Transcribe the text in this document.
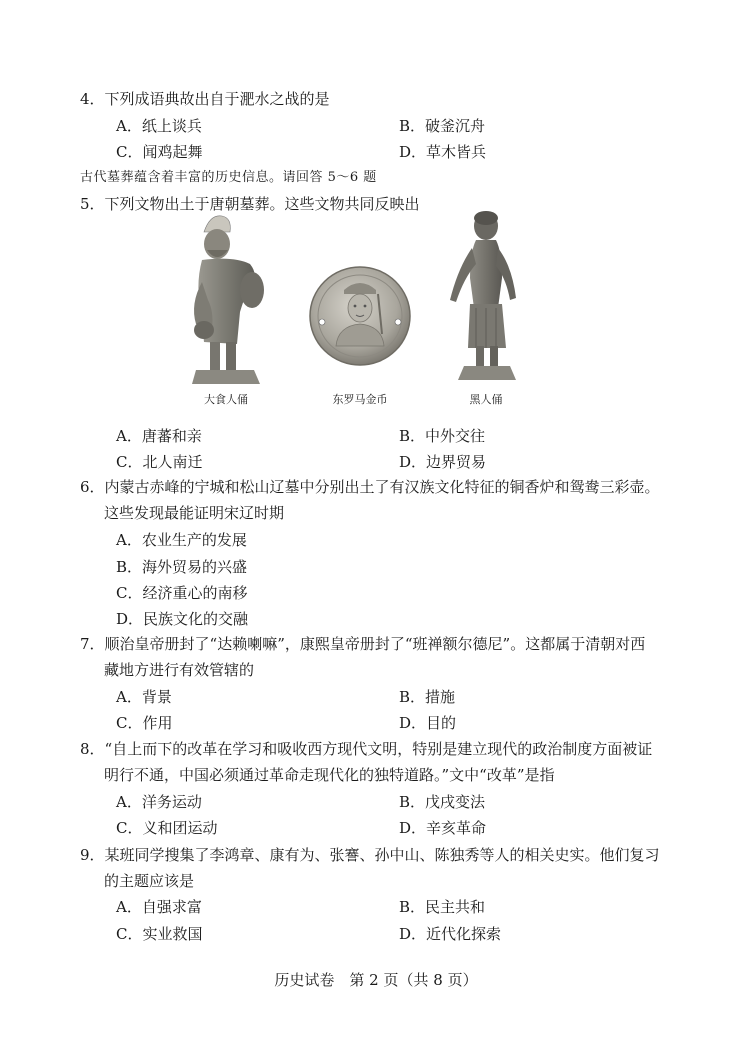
4．下列成语典故出自于淝水之战的是
A．纸上谈兵	B．破釜沉舟
C．闻鸡起舞	D．草木皆兵
古代墓葬蕴含着丰富的历史信息。请回答 5～6 题
5．下列文物出土于唐朝墓葬。这些文物共同反映出
大食人俑	东罗马金币	黑人俑
A．唐蕃和亲	B．中外交往
C．北人南迁	D．边界贸易
6．内蒙古赤峰的宁城和松山辽墓中分别出土了有汉族文化特征的铜香炉和鸳鸯三彩壶。
这些发现最能证明宋辽时期
A．农业生产的发展
B．海外贸易的兴盛
C．经济重心的南移
D．民族文化的交融
7．顺治皇帝册封了“达赖喇嘛”，康熙皇帝册封了“班禅额尔德尼”。这都属于清朝对西
藏地方进行有效管辖的
A．背景	B．措施
C．作用	D．目的
8．“自上而下的改革在学习和吸收西方现代文明，特别是建立现代的政治制度方面被证
明行不通，中国必须通过革命走现代化的独特道路。”文中“改革”是指
A．洋务运动	B．戊戌变法
C．义和团运动	D．辛亥革命
9．某班同学搜集了李鸿章、康有为、张謇、孙中山、陈独秀等人的相关史实。他们复习
的主题应该是
A．自强求富	B．民主共和
C．实业救国	D．近代化探索
历史试卷　第 2 页（共 8 页）
